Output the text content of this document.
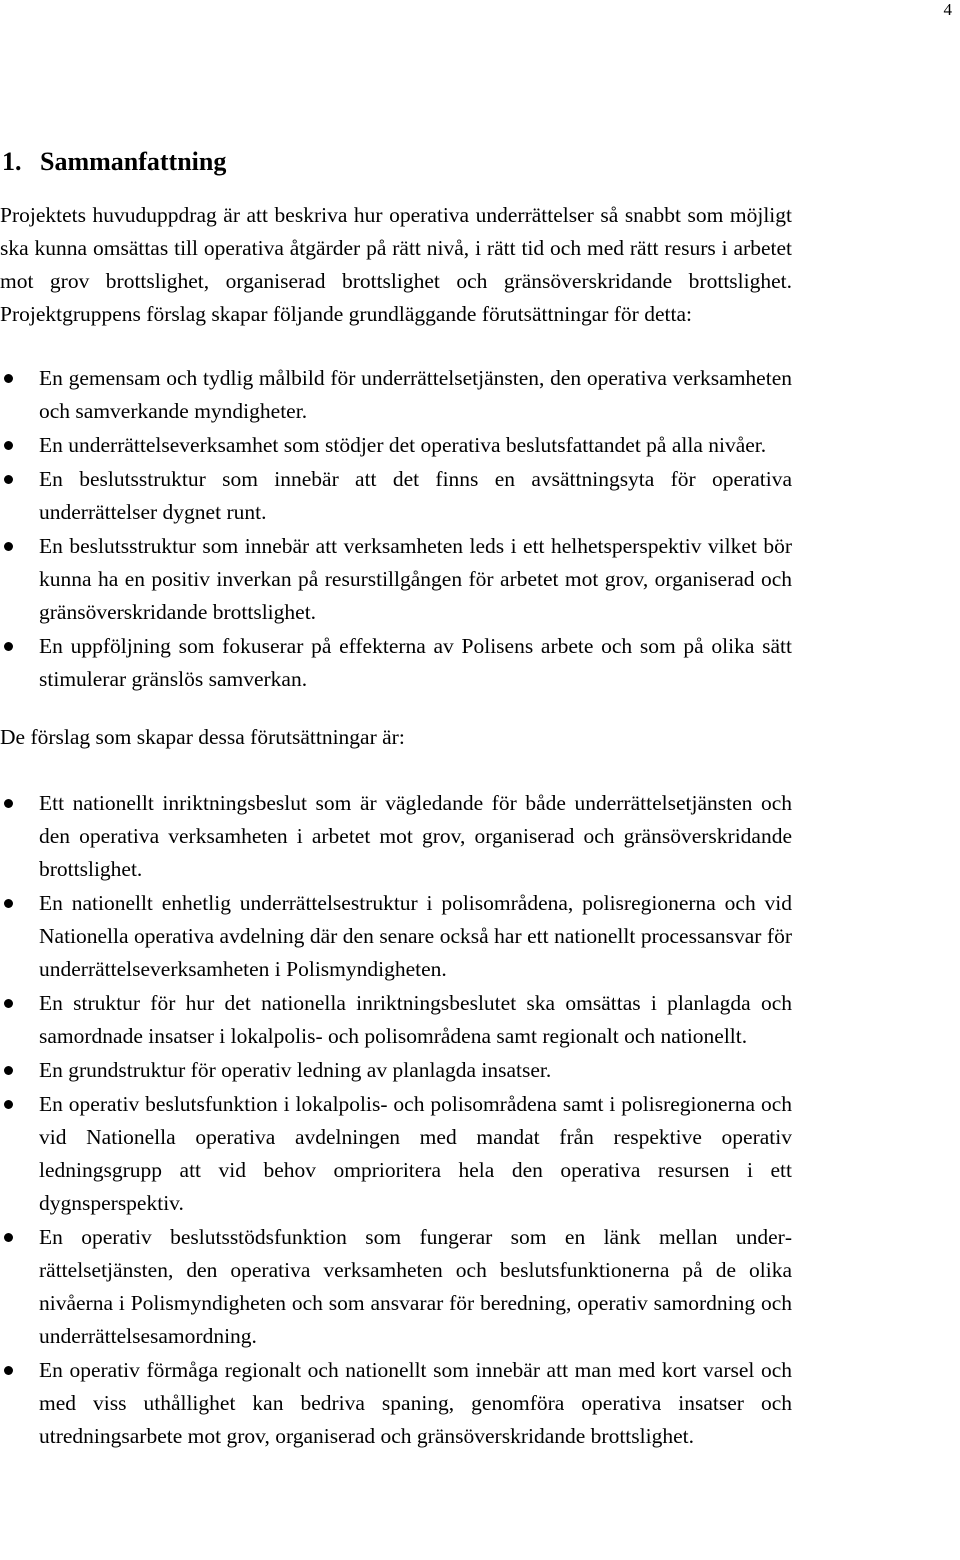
4
1. Sammanfattning

Projektets huvuduppdrag är att beskriva hur operativa underrättelser så snabbt som möjligt ska kunna omsättas till operativa åtgärder på rätt nivå, i rätt tid och med rätt resurs i arbetet mot grov brottslighet, organiserad brottslighet och gränsöverskridande brottslighet. Projektgruppens förslag skapar följande grundläggande förutsättningar för detta:

En gemensam och tydlig målbild för underrättelsetjänsten, den operativa verksamheten och samverkande myndigheter.
En underrättelseverksamhet som stödjer det operativa beslutsfattandet på alla nivåer.
En beslutsstruktur som innebär att det finns en avsättningsyta för operativa underrättelser dygnet runt.
En beslutsstruktur som innebär att verksamheten leds i ett helhetsperspektiv vilket bör kunna ha en positiv inverkan på resurstillgången för arbetet mot grov, organiserad och gränsöverskridande brottslighet.
En uppföljning som fokuserar på effekterna av Polisens arbete och som på olika sätt stimulerar gränslös samverkan.

De förslag som skapar dessa förutsättningar är:

Ett nationellt inriktningsbeslut som är vägledande för både underrättelsetjänsten och den operativa verksamheten i arbetet mot grov, organiserad och gränsöverskridande brottslighet.
En nationellt enhetlig underrättelsestruktur i polisområdena, polisregionerna och vid Nationella operativa avdelning där den senare också har ett nationellt processansvar för underrättelseverksamheten i Polismyndigheten.
En struktur för hur det nationella inriktningsbeslutet ska omsättas i planlagda och samordnade insatser i lokalpolis- och polisområdena samt regionalt och nationellt.
En grundstruktur för operativ ledning av planlagda insatser.
En operativ beslutsfunktion i lokalpolis- och polisområdena samt i polisregionerna och vid Nationella operativa avdelningen med mandat från respektive operativ ledningsgrupp att vid behov omprioritera hela den operativa resursen i ett dygnsperspektiv.
En operativ beslutsstödsfunktion som fungerar som en länk mellan underrättelsetjänsten, den operativa verksamheten och beslutsfunktionerna på de olika nivåerna i Polismyndigheten och som ansvarar för beredning, operativ samordning och underrättelsesamordning.
En operativ förmåga regionalt och nationellt som innebär att man med kort varsel och med viss uthållighet kan bedriva spaning, genomföra operativa insatser och utredningsarbete mot grov, organiserad och gränsöverskridande brottslighet.
